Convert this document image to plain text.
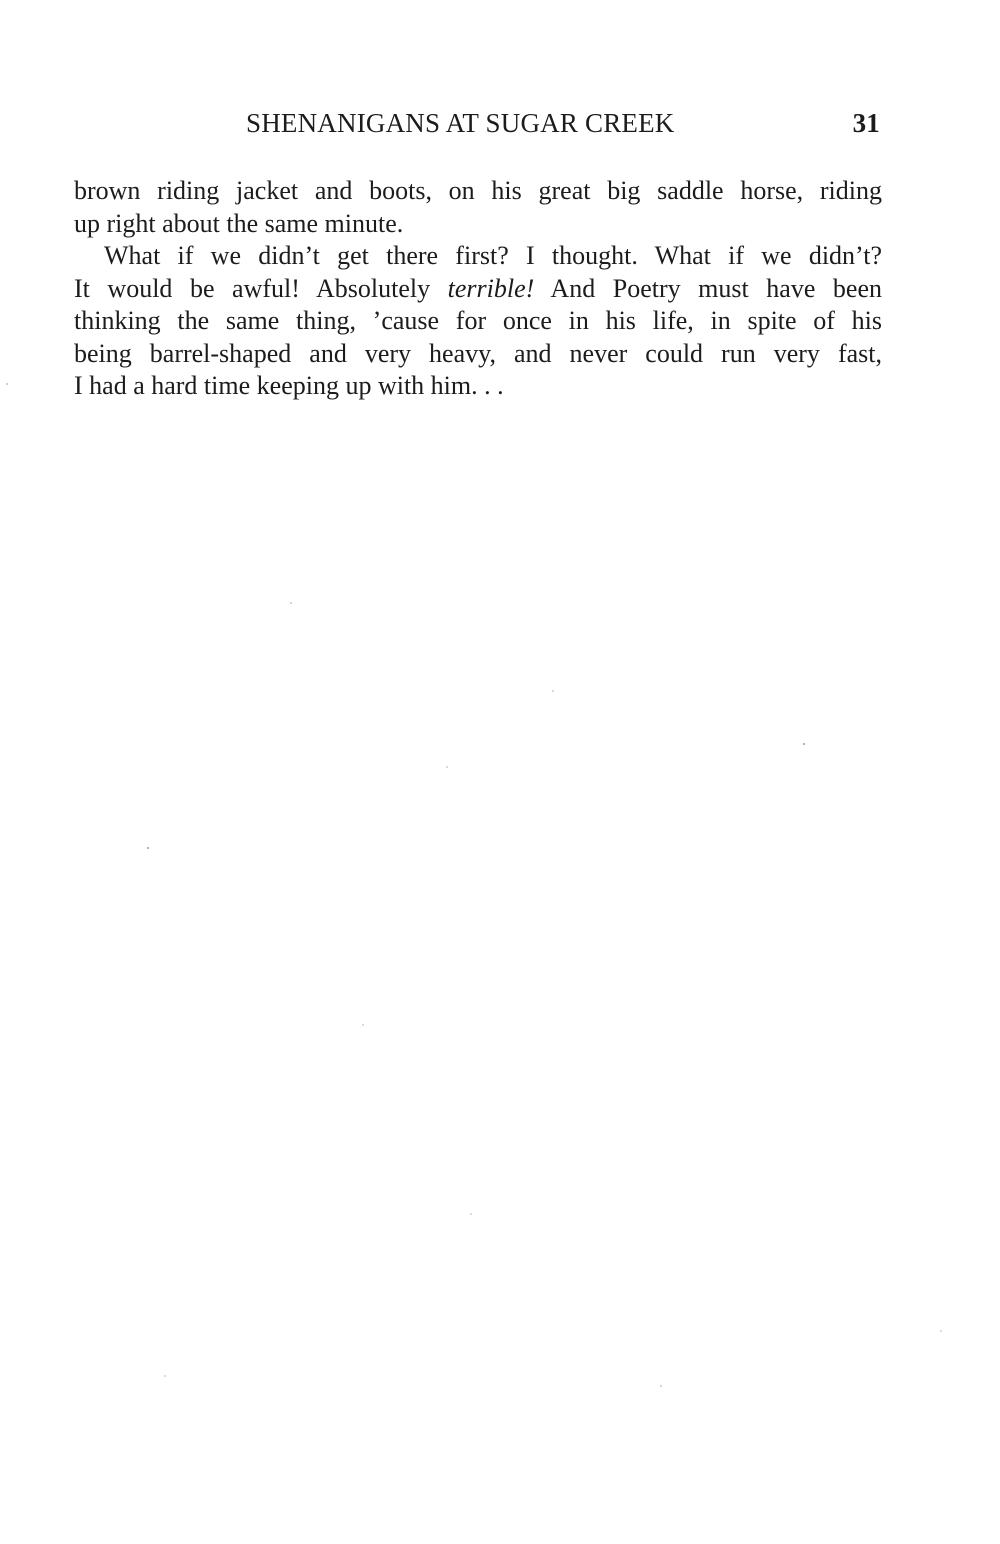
SHENANIGANS AT SUGAR CREEK	31
brown riding jacket and boots, on his great big saddle horse, riding
up right about the same minute.
What if we didn’t get there first? I thought. What if we didn’t?
It would be awful! Absolutely terrible! And Poetry must have been
thinking the same thing, ’cause for once in his life, in spite of his
being barrel-shaped and very heavy, and never could run very fast,
I had a hard time keeping up with him. . .
